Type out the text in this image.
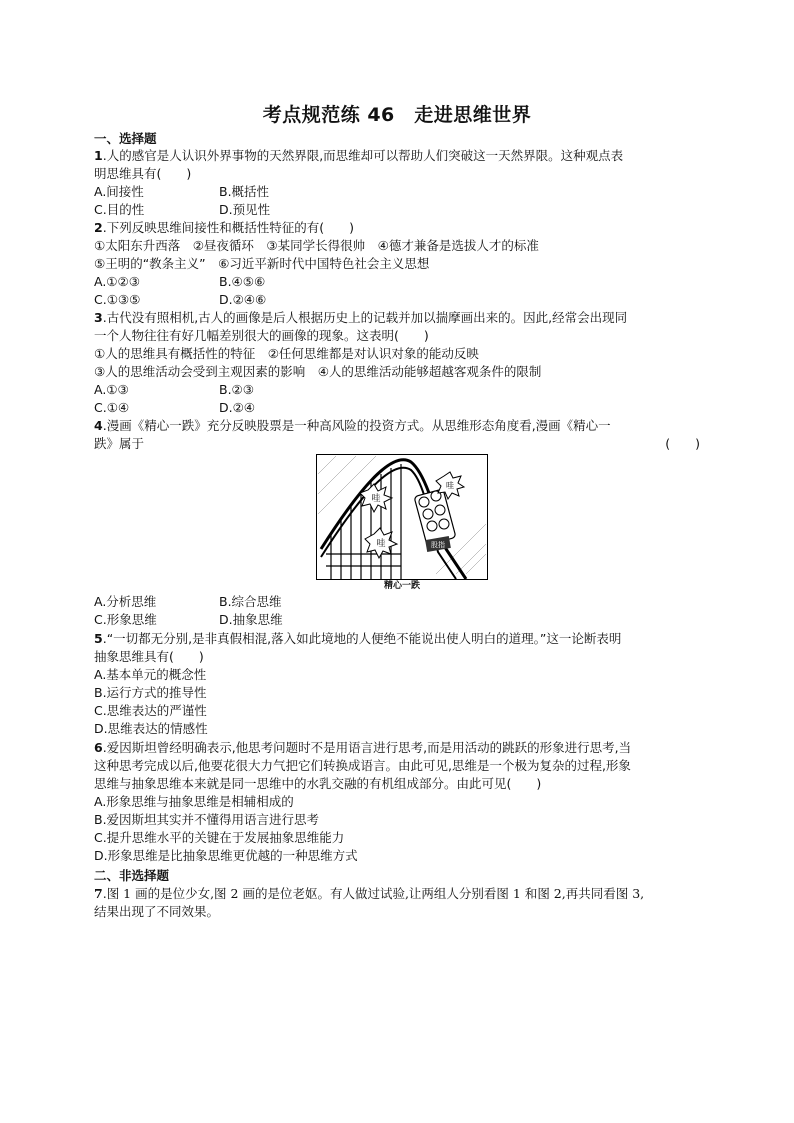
考点规范练 46　走进思维世界
一、选择题
1.人的感官是人认识外界事物的天然界限,而思维却可以帮助人们突破这一天然界限。这种观点表
明思维具有(　　)
A.间接性	B.概括性
C.目的性	D.预见性
2.下列反映思维间接性和概括性特征的有(　　)
①太阳东升西落　②昼夜循环　③某同学长得很帅　④德才兼备是选拔人才的标准
⑤王明的“教条主义”　⑥习近平新时代中国特色社会主义思想
A.①②③	B.④⑤⑥
C.①③⑤	D.②④⑥
3.古代没有照相机,古人的画像是后人根据历史上的记载并加以揣摩画出来的。因此,经常会出现同
一个人物往往有好几幅差别很大的画像的现象。这表明(　　)
①人的思维具有概括性的特征　②任何思维都是对认识对象的能动反映
③人的思维活动会受到主观因素的影响　④人的思维活动能够超越客观条件的限制
A.①③	B.②③
C.①④	D.②④
4.漫画《精心一跌》充分反映股票是一种高风险的投资方式。从思维形态角度看,漫画《精心一
跌》属于	(　　)
股指
哇
哇
哇
精心一跌
A.分析思维	B.综合思维
C.形象思维	D.抽象思维
5.“一切都无分别,是非真假相混,落入如此境地的人便绝不能说出使人明白的道理。”这一论断表明
抽象思维具有(　　)
A.基本单元的概念性
B.运行方式的推导性
C.思维表达的严谨性
D.思维表达的情感性
6.爱因斯坦曾经明确表示,他思考问题时不是用语言进行思考,而是用活动的跳跃的形象进行思考,当
这种思考完成以后,他要花很大力气把它们转换成语言。由此可见,思维是一个极为复杂的过程,形象
思维与抽象思维本来就是同一思维中的水乳交融的有机组成部分。由此可见(　　)
A.形象思维与抽象思维是相辅相成的
B.爱因斯坦其实并不懂得用语言进行思考
C.提升思维水平的关键在于发展抽象思维能力
D.形象思维是比抽象思维更优越的一种思维方式
二、非选择题
7.图 1 画的是位少女,图 2 画的是位老妪。有人做过试验,让两组人分别看图 1 和图 2,再共同看图 3,
结果出现了不同效果。
